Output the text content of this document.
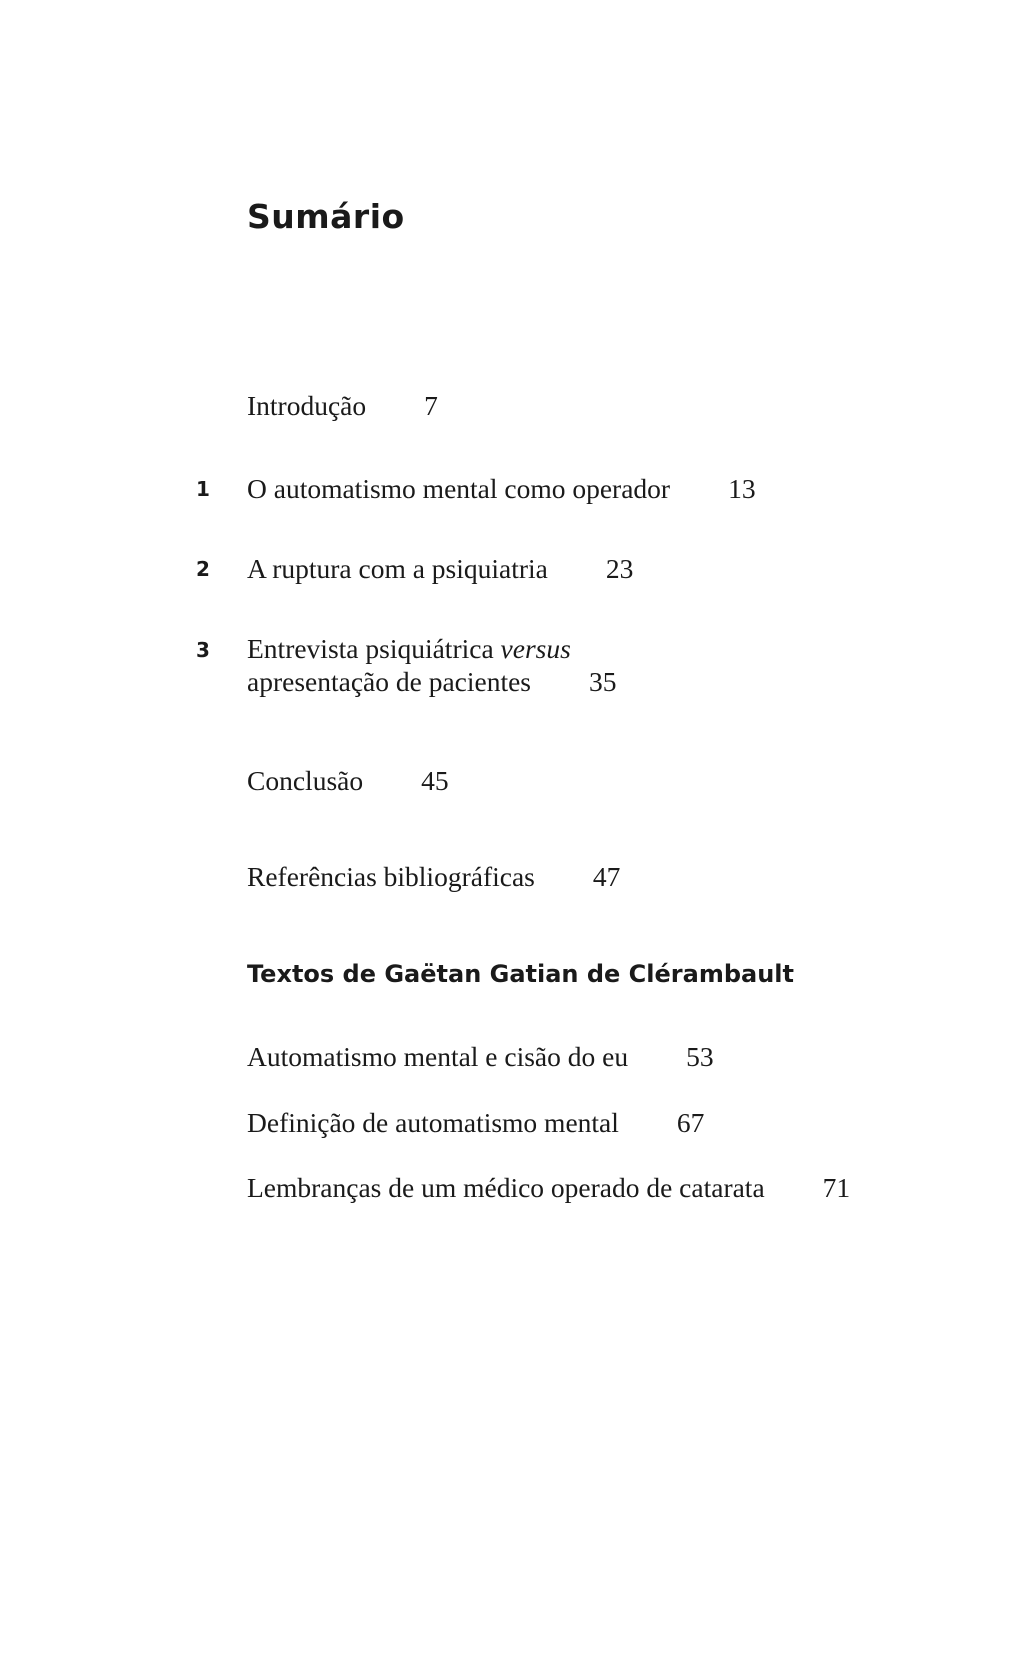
Sumário
Introdução 7
1 O automatismo mental como operador 13
2 A ruptura com a psiquiatria 23
3 Entrevista psiquiátrica versus
apresentação de pacientes 35
Conclusão 45
Referências bibliográficas 47
Textos de Gaëtan Gatian de Clérambault
Automatismo mental e cisão do eu 53
Definição de automatismo mental 67
Lembranças de um médico operado de catarata 71
